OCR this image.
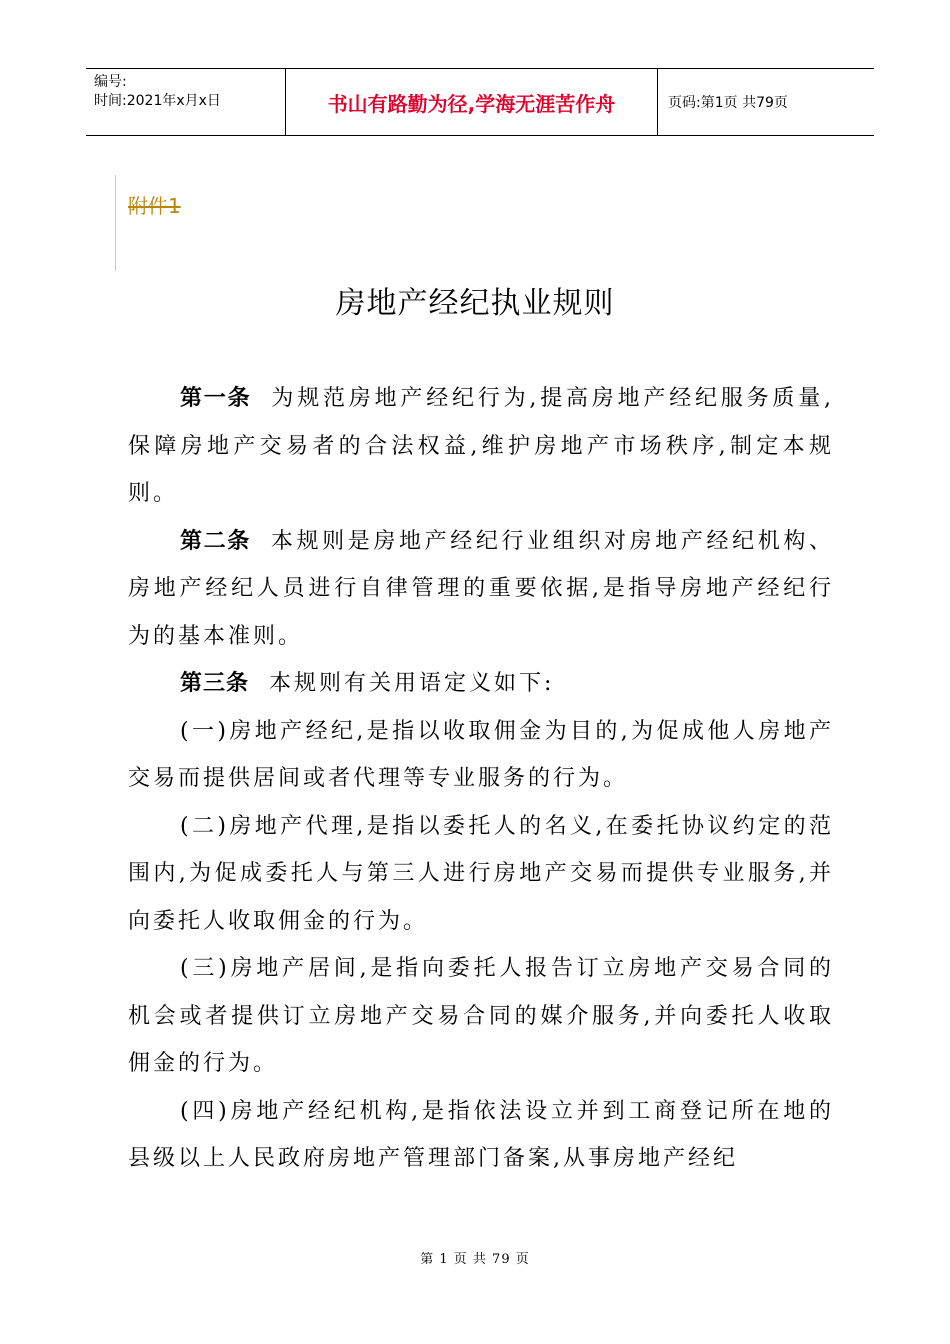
编号:
时间:2021年x月x日	书山有路勤为径,学海无涯苦作舟	页码:第1页 共79页
附件1
房地产经纪执业规则

第一条 为规范房地产经纪行为,提高房地产经纪服务质量,保障房地产交易者的合法权益,维护房地产市场秩序,制定本规则。

第二条 本规则是房地产经纪行业组织对房地产经纪机构、房地产经纪人员进行自律管理的重要依据,是指导房地产经纪行为的基本准则。

第三条 本规则有关用语定义如下:

(一)房地产经纪,是指以收取佣金为目的,为促成他人房地产交易而提供居间或者代理等专业服务的行为。

(二)房地产代理,是指以委托人的名义,在委托协议约定的范围内,为促成委托人与第三人进行房地产交易而提供专业服务,并向委托人收取佣金的行为。

(三)房地产居间,是指向委托人报告订立房地产交易合同的机会或者提供订立房地产交易合同的媒介服务,并向委托人收取佣金的行为。

(四)房地产经纪机构,是指依法设立并到工商登记所在地的县级以上人民政府房地产管理部门备案,从事房地产经纪

第 1 页 共 79 页
